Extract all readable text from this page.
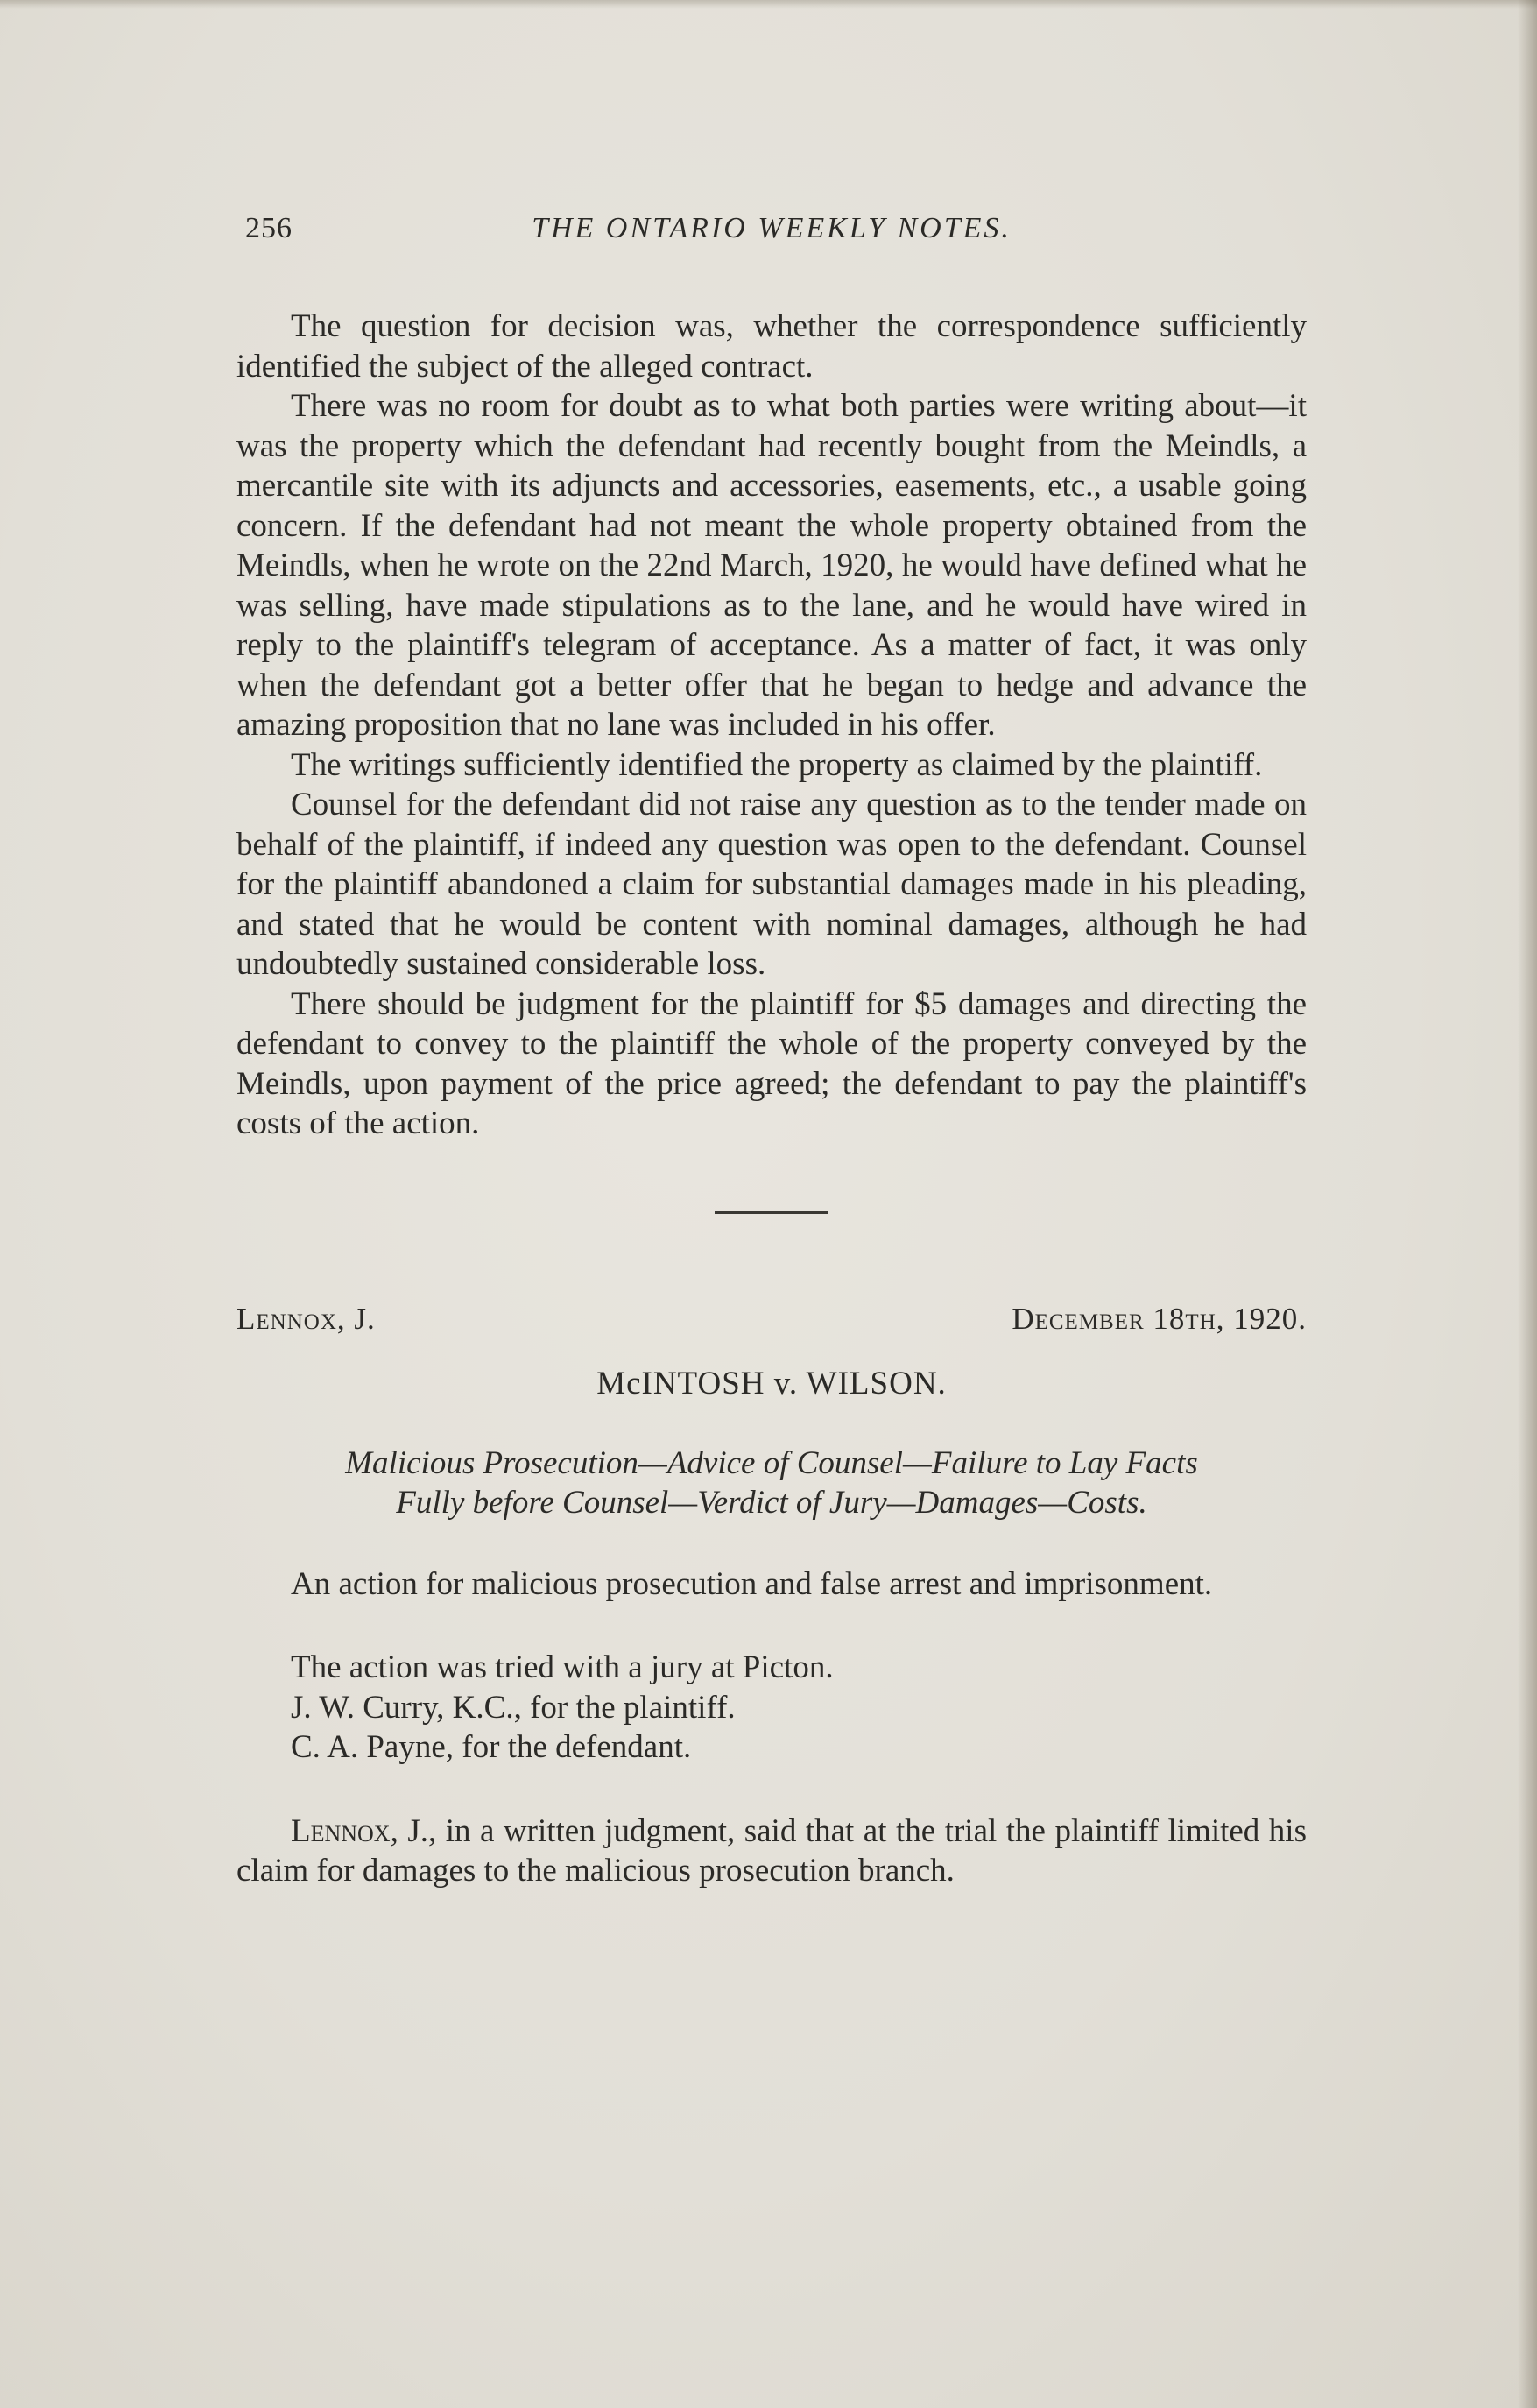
256	THE ONTARIO WEEKLY NOTES.

The question for decision was, whether the correspondence sufficiently identified the subject of the alleged contract.

There was no room for doubt as to what both parties were writing about—it was the property which the defendant had recently bought from the Meindls, a mercantile site with its adjuncts and accessories, easements, etc., a usable going concern. If the defendant had not meant the whole property obtained from the Meindls, when he wrote on the 22nd March, 1920, he would have defined what he was selling, have made stipulations as to the lane, and he would have wired in reply to the plaintiff's telegram of acceptance. As a matter of fact, it was only when the defendant got a better offer that he began to hedge and advance the amazing proposition that no lane was included in his offer.

The writings sufficiently identified the property as claimed by the plaintiff.

Counsel for the defendant did not raise any question as to the tender made on behalf of the plaintiff, if indeed any question was open to the defendant. Counsel for the plaintiff abandoned a claim for substantial damages made in his pleading, and stated that he would be content with nominal damages, although he had undoubtedly sustained considerable loss.

There should be judgment for the plaintiff for $5 damages and directing the defendant to convey to the plaintiff the whole of the property conveyed by the Meindls, upon payment of the price agreed; the defendant to pay the plaintiff's costs of the action.

Lennox, J.	December 18th, 1920.
McINTOSH v. WILSON.
Malicious Prosecution—Advice of Counsel—Failure to Lay Facts
Fully before Counsel—Verdict of Jury—Damages—Costs.

An action for malicious prosecution and false arrest and imprisonment.

The action was tried with a jury at Picton.

J. W. Curry, K.C., for the plaintiff.

C. A. Payne, for the defendant.

Lennox, J., in a written judgment, said that at the trial the plaintiff limited his claim for damages to the malicious prosecution branch.
